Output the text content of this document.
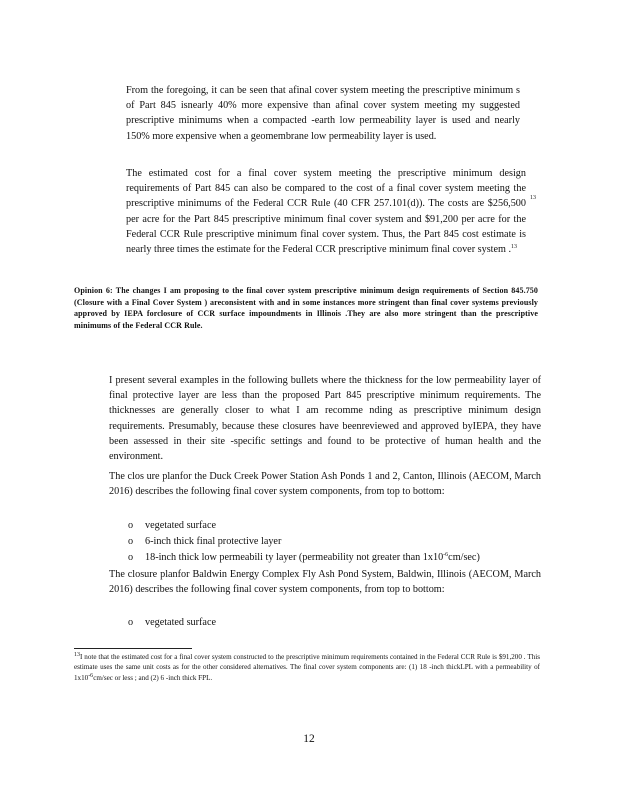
From the foregoing, it can be seen that afinal cover system meeting the prescriptive minimum s of Part 845 isnearly 40% more expensive than afinal cover system meeting my suggested prescriptive minimums when a compacted -earth low permeability layer is used and nearly 150% more expensive when a geomembrane low permeability layer is used.
The estimated cost for a final cover system meeting the prescriptive minimum design requirements of Part 845 can also be compared to the cost of a final cover system meeting the prescriptive minimums of the Federal CCR Rule (40 CFR 257.101(d)). The costs are $256,500 per acre for the Part 845 prescriptive minimum final cover system and $91,200 per acre for the Federal CCR Rule prescriptive minimum final cover system. Thus, the Part 845 cost estimate is nearly three times the estimate for the Federal CCR prescriptive minimum final cover system .$^{13}$
13
Opinion 6: The changes I am proposing to the final cover system prescriptive minimum design requirements of Section 845.750 (Closure with a Final Cover System ) areconsistent with and in some instances more stringent than final cover systems previously approved by IEPA forclosure of CCR surface impoundments in Illinois .They are also more stringent than the prescriptive minimums of the Federal CCR Rule.
I present several examples in the following bullets where the thickness for the low permeability layer of final protective layer are less than the proposed Part 845 prescriptive minimum requirements. The thicknesses are generally closer to what I am recomme nding as prescriptive minimum design requirements. Presumably, because these closures have beenreviewed and approved byIEPA, they have been assessed in their site -specific settings and found to be protective of human health and the environment.
The clos ure planfor the Duck Creek Power Station Ash Ponds 1 and 2, Canton, Illinois (AECOM, March 2016) describes the following final cover system components, from top to bottom:
o vegetated surface
o 6-inch thick final protective layer
o 18-inch thick low permeabili ty layer (permeability not greater than $1x10^{-6}cm/\sec$)
The closure planfor Baldwin Energy Complex Fly Ash Pond System, Baldwin, Illinois (AECOM, March 2016) describes the following final cover system components, from top to bottom:
o vegetated surface
$^{13}$I note that the estimated cost for a final cover system constructed to the prescriptive minimum requirements contained in the Federal CCR Rule is $91,200 . This estimate uses the same unit costs as for the other considered alternatives. The final cover system components are: (1) 18 -inch thickLPL with a permeability of $1x10^{-6}cm/\sec$ or less ; and (2) 6 -inch thick FPL.
12
